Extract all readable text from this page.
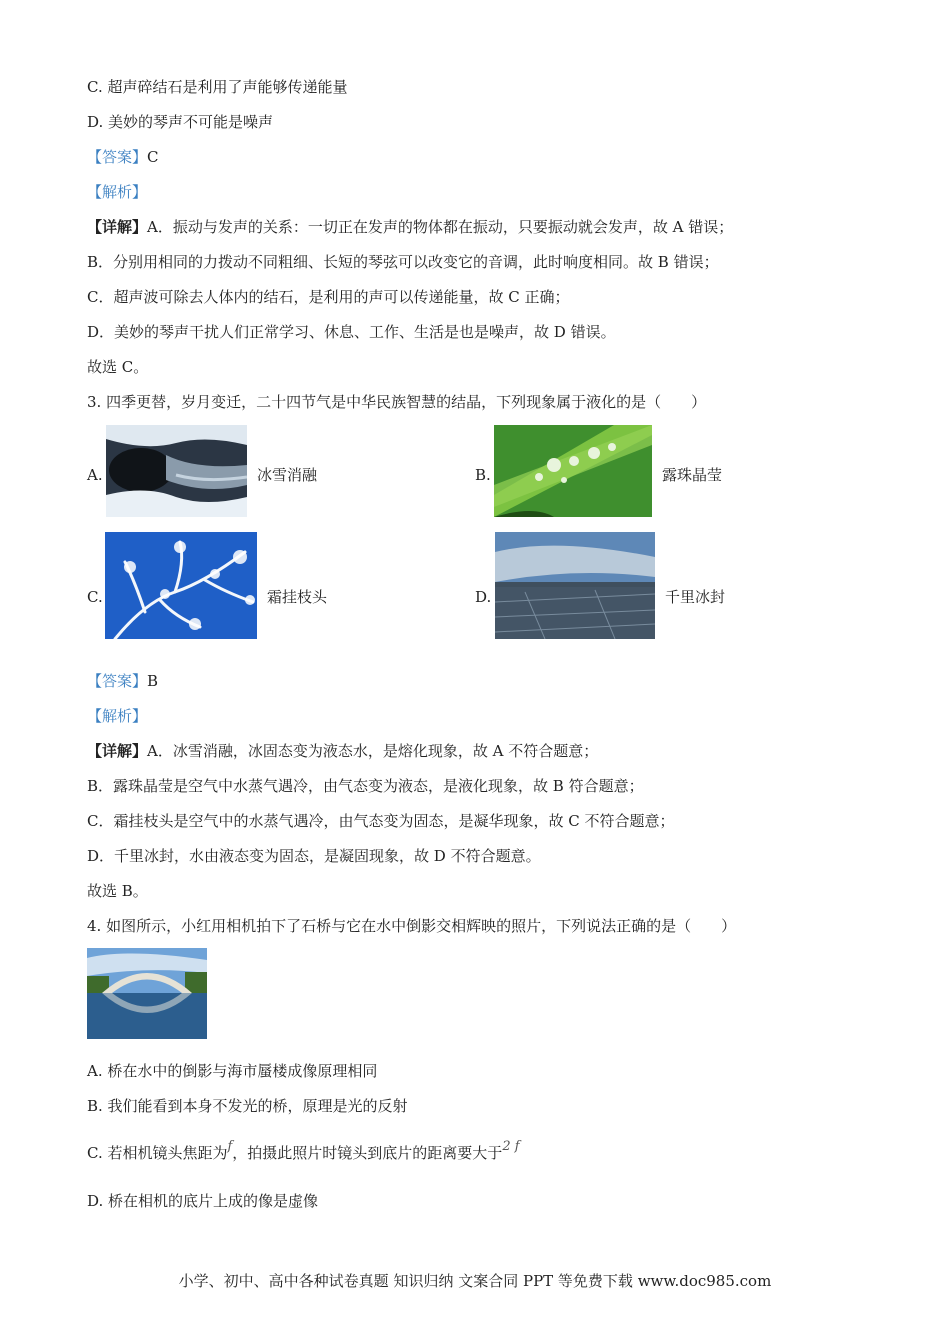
C. 超声碎结石是利用了声能够传递能量
D. 美妙的琴声不可能是噪声
【答案】C
【解析】
【详解】A．振动与发声的关系：一切正在发声的物体都在振动，只要振动就会发声，故 A 错误；
B．分别用相同的力拨动不同粗细、长短的琴弦可以改变它的音调，此时响度相同。故 B 错误；
C．超声波可除去人体内的结石，是利用的声可以传递能量，故 C 正确；
D．美妙的琴声干扰人们正常学习、休息、工作、生活是也是噪声，故 D 错误。
故选 C。
3. 四季更替，岁月变迁，二十四节气是中华民族智慧的结晶，下列现象属于液化的是（　　）
A.	冰雪消融	B.	露珠晶莹
C.	霜挂枝头	D.	千里冰封
【答案】B
【解析】
【详解】A．冰雪消融，冰固态变为液态水，是熔化现象，故 A 不符合题意；
B．露珠晶莹是空气中水蒸气遇冷，由气态变为液态，是液化现象，故 B 符合题意；
C．霜挂枝头是空气中的水蒸气遇冷，由气态变为固态，是凝华现象，故 C 不符合题意；
D．千里冰封，水由液态变为固态，是凝固现象，故 D 不符合题意。
故选 B。
4. 如图所示，小红用相机拍下了石桥与它在水中倒影交相辉映的照片，下列说法正确的是（　　）
A. 桥在水中的倒影与海市蜃楼成像原理相同
B. 我们能看到本身不发光的桥，原理是光的反射
C. 若相机镜头焦距为f，拍摄此照片时镜头到底片的距离要大于2 f
D. 桥在相机的底片上成的像是虚像
小学、初中、高中各种试卷真题 知识归纳 文案合同 PPT 等免费下载 www.doc985.com
